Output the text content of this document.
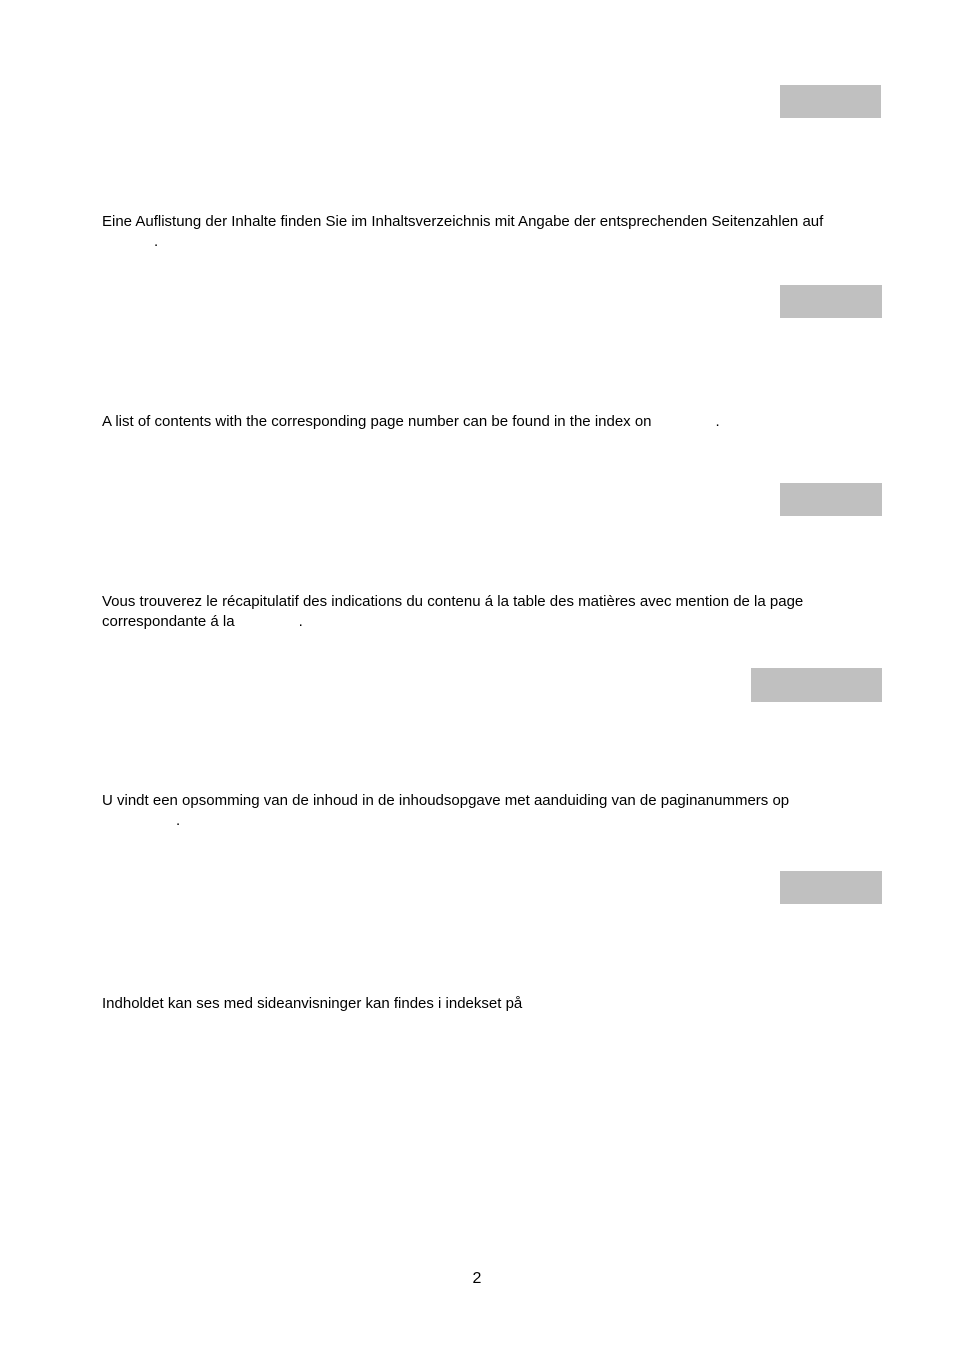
Eine Auflistung der Inhalte finden Sie im Inhaltsverzeichnis mit Angabe der entsprechenden Seitenzahlen auf
.
A list of contents with the corresponding page number can be found in the index on	.
Vous trouverez le récapitulatif des indications du contenu á la table des matières avec mention de la page
correspondante á la	.
U vindt een opsomming van de inhoud in de inhoudsopgave met aanduiding van de paginanummers op
.
Indholdet kan ses med sideanvisninger kan findes i indekset på
2
